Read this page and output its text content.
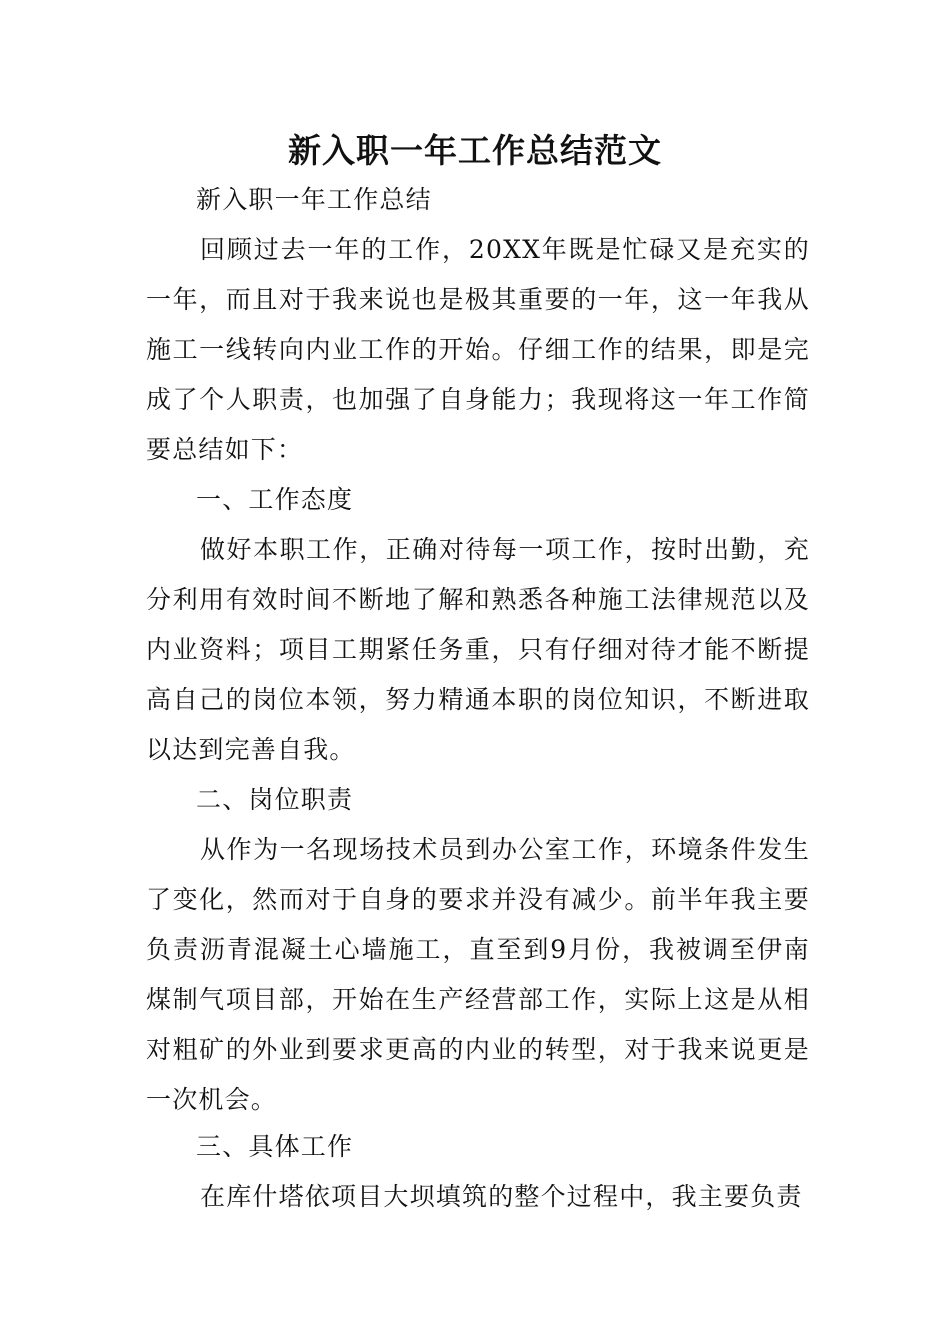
新入职一年工作总结范文
新入职一年工作总结
回顾过去一年的工作，20XX年既是忙碌又是充实的一年，而且对于我来说也是极其重要的一年，这一年我从施工一线转向内业工作的开始。仔细工作的结果，即是完成了个人职责，也加强了自身能力；我现将这一年工作简要总结如下：
一、工作态度
做好本职工作，正确对待每一项工作，按时出勤，充分利用有效时间不断地了解和熟悉各种施工法律规范以及内业资料；项目工期紧任务重，只有仔细对待才能不断提高自己的岗位本领，努力精通本职的岗位知识，不断进取以达到完善自我。
二、岗位职责
从作为一名现场技术员到办公室工作，环境条件发生了变化，然而对于自身的要求并没有减少。前半年我主要负责沥青混凝土心墙施工，直至到9月份，我被调至伊南煤制气项目部，开始在生产经营部工作，实际上这是从相对粗矿的外业到要求更高的内业的转型，对于我来说更是一次机会。
三、具体工作
在库什塔依项目大坝填筑的整个过程中，我主要负责
